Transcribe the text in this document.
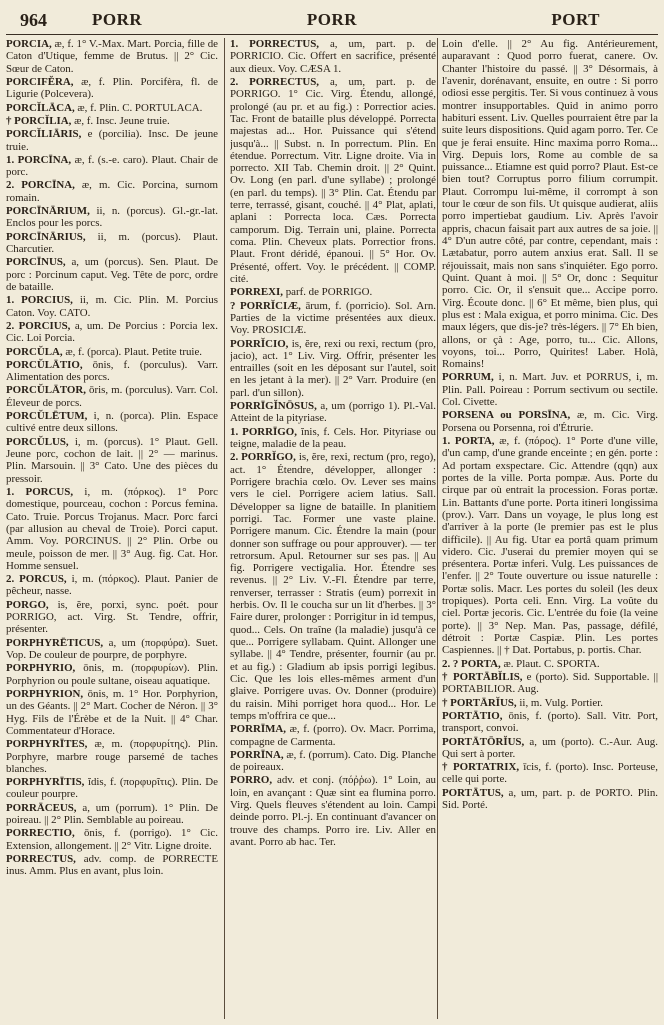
964	PORR	PORR	PORT

PORCIA, æ, f. 1° V.-Max. Mart. Porcia, fille de Caton d'Utique, femme de Brutus. || 2° Cic. Sœur de Caton.

PORCIFĔRA, æ, f. Plin. Porcifèra, fl. de Ligurie (Polcevera).

PORCĬLĀCA, æ, f. Plin. C. PORTULACA.

† PORCĬLIA, æ, f. Insc. Jeune truie.

PORCĬLIĀRIS, e (porcilia). Insc. De jeune truie.

1. PORCĪNA, æ, f. (s.-e. caro). Plaut. Chair de porc.

2. PORCĪNA, æ, m. Cic. Porcina, surnom romain.

PORCĪNĀRIUM, ii, n. (porcus). Gl.-gr.-lat. Enclos pour les porcs.

PORCĪNĀRIUS, ii, m. (porcus). Plaut. Charcutier.

PORCĪNUS, a, um (porcus). Sen. Plaut. De porc : Porcinum caput. Veg. Tête de porc, ordre de bataille.

1. PORCIUS, ii, m. Cic. Plin. M. Porcius Caton. Voy. CATO.

2. PORCIUS, a, um. De Porcius : Porcia lex. Cic. Loi Porcia.

PORCŬLA, æ, f. (porca). Plaut. Petite truie.

PORCŬLĀTIO, ōnis, f. (porculus). Varr. Alimentation des porcs.

PORCŬLĀTOR, ōris, m. (porculus). Varr. Col. Éleveur de porcs.

PORCŬLĒTUM, i, n. (porca). Plin. Espace cultivé entre deux sillons.

PORCŬLUS, i, m. (porcus). 1° Plaut. Gell. Jeune porc, cochon de lait. || 2° — marinus. Plin. Marsouin. || 3° Cato. Une des pièces du pressoir.

1. PORCUS, i, m. (πόρκος). 1° Porc domestique, pourceau, cochon : Porcus femina. Cato. Truie. Porcus Trojanus. Macr. Porc farci (par allusion au cheval de Troie). Porci caput. Amm. Voy. PORCINUS. || 2° Plin. Orbe ou meule, poisson de mer. || 3° Aug. fig. Cat. Hor. Homme sensuel.

2. PORCUS, i, m. (πόρκος). Plaut. Panier de pêcheur, nasse.

PORGO, is, ĕre, porxi, sync. poét. pour PORRIGO, act. Virg. St. Tendre, offrir, présenter.

PORPHYRĒTICUS, a, um (πορφύρα). Suet. Vop. De couleur de pourpre, de porphyre.

PORPHYRIO, ōnis, m. (πορφυρίων). Plin. Porphyrion ou poule sultane, oiseau aquatique.

PORPHYRION, ōnis, m. 1° Hor. Porphyrion, un des Géants. || 2° Mart. Cocher de Néron. || 3° Hyg. Fils de l'Érèbe et de la Nuit. || 4° Char. Commentateur d'Horace.

PORPHYRĪTES, æ, m. (πορφυρίτης). Plin. Porphyre, marbre rouge parsemé de taches blanches.

PORPHYRĪTIS, ĭdis, f. (πορφυρῖτις). Plin. De couleur pourpre.

PORRĀCEUS, a, um (porrum). 1° Plin. De poireau. || 2° Plin. Semblable au poireau.

PORRECTIO, ōnis, f. (porrigo). 1° Cic. Extension, allongement. || 2° Vitr. Ligne droite.

PORRECTUS, adv. comp. de PORRECTE inus. Amm. Plus en avant, plus loin.

1. PORRECTUS, a, um, part. p. de PORRICIO. Cic. Offert en sacrifice, présenté aux dieux. Voy. CÆSA 1.

2. PORRECTUS, a, um, part. p. de PORRIGO. 1° Cic. Virg. Étendu, allongé, prolongé (au pr. et au fig.) : Porrectior acies. Tac. Front de bataille plus développé. Porrecta majestas ad... Hor. Puissance qui s'étend jusqu'à... || Subst. n. In porrectum. Plin. En étendue. Porrectum. Vitr. Ligne droite. Via in porrecto. XII Tab. Chemin droit. || 2° Quint. Ov. Long (en parl. d'une syllabe) ; prolongé (en parl. du temps). || 3° Plin. Cat. Étendu par terre, terrassé, gisant, couché. || 4° Plat, aplati, aplani : Porrecta loca. Cæs. Porrecta camporum. Dig. Terrain uni, plaine. Porrecta coma. Plin. Cheveux plats. Porrectior frons. Plaut. Front déridé, épanoui. || 5° Hor. Ov. Présenté, offert. Voy. le précédent. || COMP. cité.

PORREXI, parf. de PORRIGO.

? PORRĬCIÆ, ārum, f. (porricio). Sol. Arn. Parties de la victime présentées aux dieux. Voy. PROSICIÆ.

PORRĬCIO, is, ĕre, rexi ou rexi, rectum (pro, jacio), act. 1° Liv. Virg. Offrir, présenter les entrailles (soit en les déposant sur l'autel, soit en les jetant à la mer). || 2° Varr. Produire (en parl. d'un sillon).

PORRĪGĬNŌSUS, a, um (porrigo 1). Pl.-Val. Atteint de la pityriase.

1. PORRĪGO, ĭnis, f. Cels. Hor. Pityriase ou teigne, maladie de la peau.

2. PORRĬGO, is, ĕre, rexi, rectum (pro, rego), act. 1° Étendre, développer, allonger : Porrigere brachia cœlo. Ov. Lever ses mains vers le ciel. Porrigere aciem latius. Sall. Développer sa ligne de bataille. In planitiem porrigi. Tac. Former une vaste plaine. Porrigere manum. Cic. Étendre la main (pour donner son suffrage ou pour approuver). — ter retrorsum. Apul. Retourner sur ses pas. || Au fig. Porrigere vectigalia. Hor. Étendre ses revenus. || 2° Liv. V.-Fl. Étendre par terre, renverser, terrasser : Stratis (eum) porrexit in herbis. Ov. Il le coucha sur un lit d'herbes. || 3° Faire durer, prolonger : Porrigitur in id tempus, quod... Cels. On traîne (la maladie) jusqu'à ce que... Porrigere syllabam. Quint. Allonger une syllabe. || 4° Tendre, présenter, fournir (au pr. et au fig.) : Gladium ab ipsis porrigi legibus. Cic. Que les lois elles-mêmes arment d'un glaive. Porrigere uvas. Ov. Donner (produire) du raisin. Mihi porriget hora quod... Hor. Le temps m'offrira ce que...

PORRĪMA, æ, f. (porro). Ov. Macr. Porrima, compagne de Carmenta.

PORRĪNA, æ, f. (porrum). Cato. Dig. Planche de poireaux.

PORRO, adv. et conj. (πόῤῥω). 1° Loin, au loin, en avançant : Quæ sint ea flumina porro. Virg. Quels fleuves s'étendent au loin. Campi deinde porro. Pl.-j. En continuant d'avancer on trouve des champs. Porro ire. Liv. Aller en avant. Porro ab hac. Ter.

Loin d'elle. || 2° Au fig. Antérieurement, auparavant : Quod porro fuerat, canere. Ov. Chanter l'histoire du passé. || 3° Désormais, à l'avenir, dorénavant, ensuite, en outre : Si porro odiosi esse pergitis. Ter. Si vous continuez à vous montrer insupportables. Quid in animo porro habituri essent. Liv. Quelles pourraient être par la suite leurs dispositions. Quid agam porro. Ter. Ce que je ferai ensuite. Hinc maxima porro Roma... Virg. Depuis lors, Rome au comble de sa puissance... Etiamne est quid porro? Plaut. Est-ce bien tout? Corruptus porro filium corrumpit. Plaut. Corrompu lui-même, il corrompt à son tour le cœur de son fils. Ut quisque audierat, aliis porro impertiebat gaudium. Liv. Après l'avoir appris, chacun faisait part aux autres de sa joie. || 4° D'un autre côté, par contre, cependant, mais : Lætabatur, porro autem anxius erat. Sall. Il se réjouissait, mais non sans s'inquiéter. Ego porro. Quint. Quant à moi. || 5° Or, donc : Sequitur porro. Cic. Or, il s'ensuit que... Accipe porro. Virg. Écoute donc. || 6° Et même, bien plus, qui plus est : Mala exigua, et porro minima. Cic. Des maux légers, que dis-je? très-légers. || 7° Eh bien, allons, or çà : Age, porro, tu... Cic. Allons, voyons, toi... Porro, Quirites! Laber. Holà, Romains!

PORRUM, i, n. Mart. Juv. et PORRUS, i, m. Plin. Pall. Poireau : Porrum sectivum ou sectile. Col. Civette.

PORSENA ou PORSĪNA, æ, m. Cic. Virg. Porsena ou Porsenna, roi d'Étrurie.

1. PORTA, æ, f. (πόρος). 1° Porte d'une ville, d'un camp, d'une grande enceinte ; en gén. porte : Ad portam exspectare. Cic. Attendre (qqn) aux portes de la ville. Porta pompæ. Aus. Porte du cirque par où entrait la procession. Foras portæ. Lin. Battants d'une porte. Porta itineri longissima (prov.). Varr. Dans un voyage, le plus long est d'arriver à la porte (le premier pas est le plus difficile). || Au fig. Utar ea portâ quam primum videro. Cic. J'userai du premier moyen qui se présentera. Portæ inferi. Vulg. Les puissances de l'enfer. || 2° Toute ouverture ou issue naturelle : Portæ solis. Macr. Les portes du soleil (les deux tropiques). Porta celi. Enn. Virg. La voûte du ciel. Portæ jecoris. Cic. L'entrée du foie (la veine porte). || 3° Nep. Man. Pas, passage, défilé, détroit : Portæ Caspiæ. Plin. Les portes Caspiennes. || † Dat. Portabus, p. portis. Char.

2. ? PORTA, æ. Plaut. C. SPORTA.

† PORTĀBĬLIS, e (porto). Sid. Supportable. || PORTABILIOR. Aug.

† PORTĀRĬUS, ii, m. Vulg. Portier.

PORTĀTIO, ōnis, f. (porto). Sall. Vitr. Port, transport, convoi.

PORTĀTŌRĬUS, a, um (porto). C.-Aur. Aug. Qui sert à porter.

† PORTATRIX, īcis, f. (porto). Insc. Porteuse, celle qui porte.

PORTĀTUS, a, um, part. p. de PORTO. Plin. Sid. Porté.
